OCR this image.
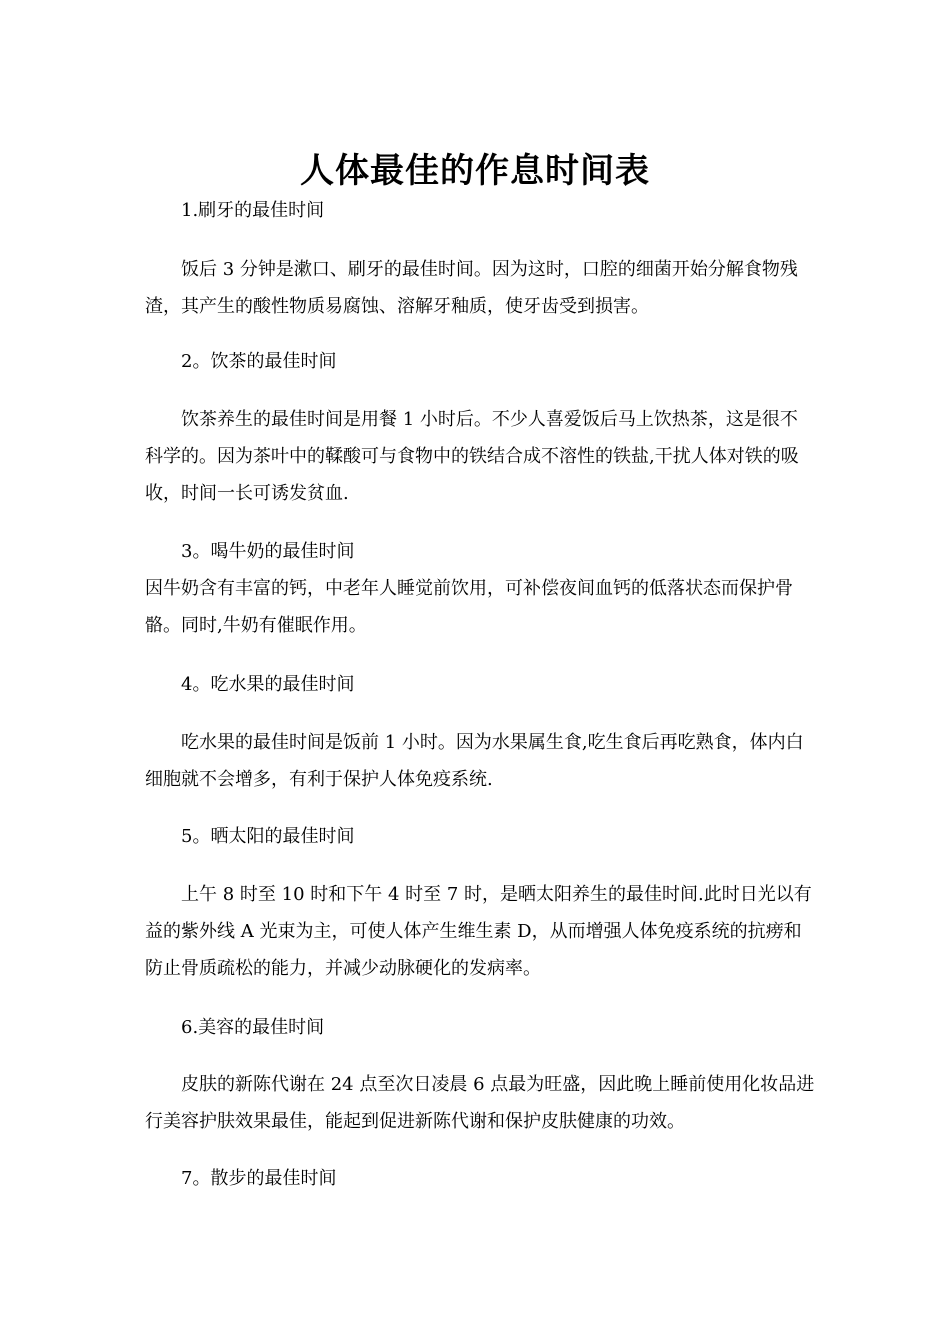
人体最佳的作息时间表

1.刷牙的最佳时间

饭后 3 分钟是漱口、刷牙的最佳时间。因为这时，口腔的细菌开始分解食物残渣，其产生的酸性物质易腐蚀、溶解牙釉质，使牙齿受到损害。

2。饮茶的最佳时间

饮茶养生的最佳时间是用餐 1 小时后。不少人喜爱饭后马上饮热茶，这是很不科学的。因为茶叶中的鞣酸可与食物中的铁结合成不溶性的铁盐,干扰人体对铁的吸收，时间一长可诱发贫血.

3。喝牛奶的最佳时间

因牛奶含有丰富的钙，中老年人睡觉前饮用，可补偿夜间血钙的低落状态而保护骨骼。同时,牛奶有催眠作用。

4。吃水果的最佳时间

吃水果的最佳时间是饭前 1 小时。因为水果属生食,吃生食后再吃熟食，体内白细胞就不会增多，有利于保护人体免疫系统.

5。晒太阳的最佳时间

上午 8 时至 10 时和下午 4 时至 7 时，是晒太阳养生的最佳时间.此时日光以有益的紫外线 A 光束为主，可使人体产生维生素 D，从而增强人体免疫系统的抗痨和防止骨质疏松的能力，并减少动脉硬化的发病率。

6.美容的最佳时间

皮肤的新陈代谢在 24 点至次日凌晨 6 点最为旺盛，因此晚上睡前使用化妆品进行美容护肤效果最佳，能起到促进新陈代谢和保护皮肤健康的功效。

7。散步的最佳时间
